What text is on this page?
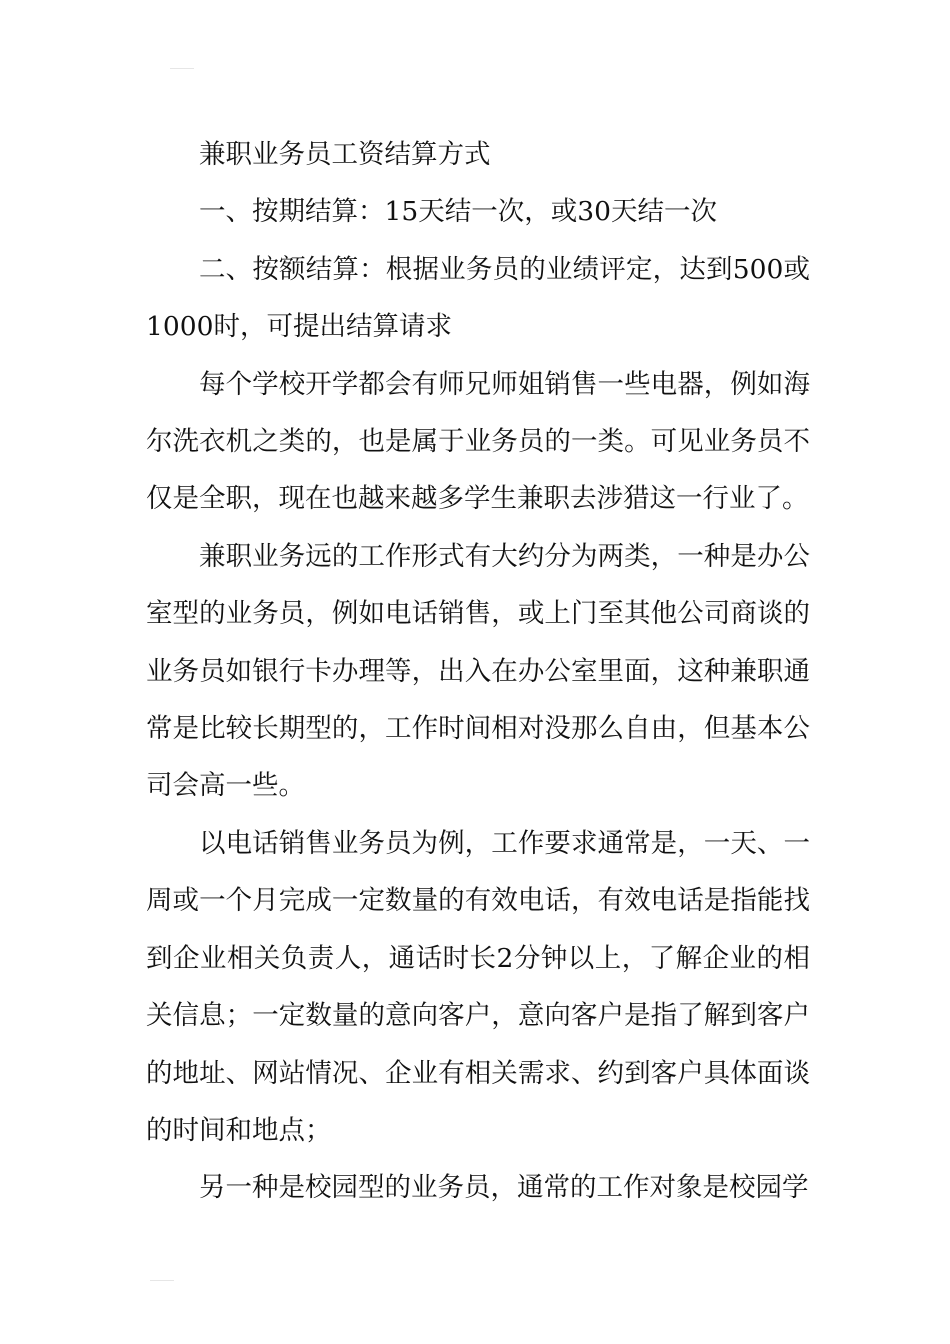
兼职业务员工资结算方式

一、按期结算：15天结一次，或30天结一次

二、按额结算：根据业务员的业绩评定，达到500或1000时，可提出结算请求

每个学校开学都会有师兄师姐销售一些电器，例如海尔洗衣机之类的，也是属于业务员的一类。可见业务员不仅是全职，现在也越来越多学生兼职去涉猎这一行业了。

兼职业务远的工作形式有大约分为两类，一种是办公室型的业务员，例如电话销售，或上门至其他公司商谈的业务员如银行卡办理等，出入在办公室里面，这种兼职通常是比较长期型的，工作时间相对没那么自由，但基本公司会高一些。

以电话销售业务员为例，工作要求通常是，一天、一周或一个月完成一定数量的有效电话，有效电话是指能找到企业相关负责人，通话时长2分钟以上，了解企业的相关信息；一定数量的意向客户，意向客户是指了解到客户的地址、网站情况、企业有相关需求、约到客户具体面谈的时间和地点；

另一种是校园型的业务员，通常的工作对象是校园学
